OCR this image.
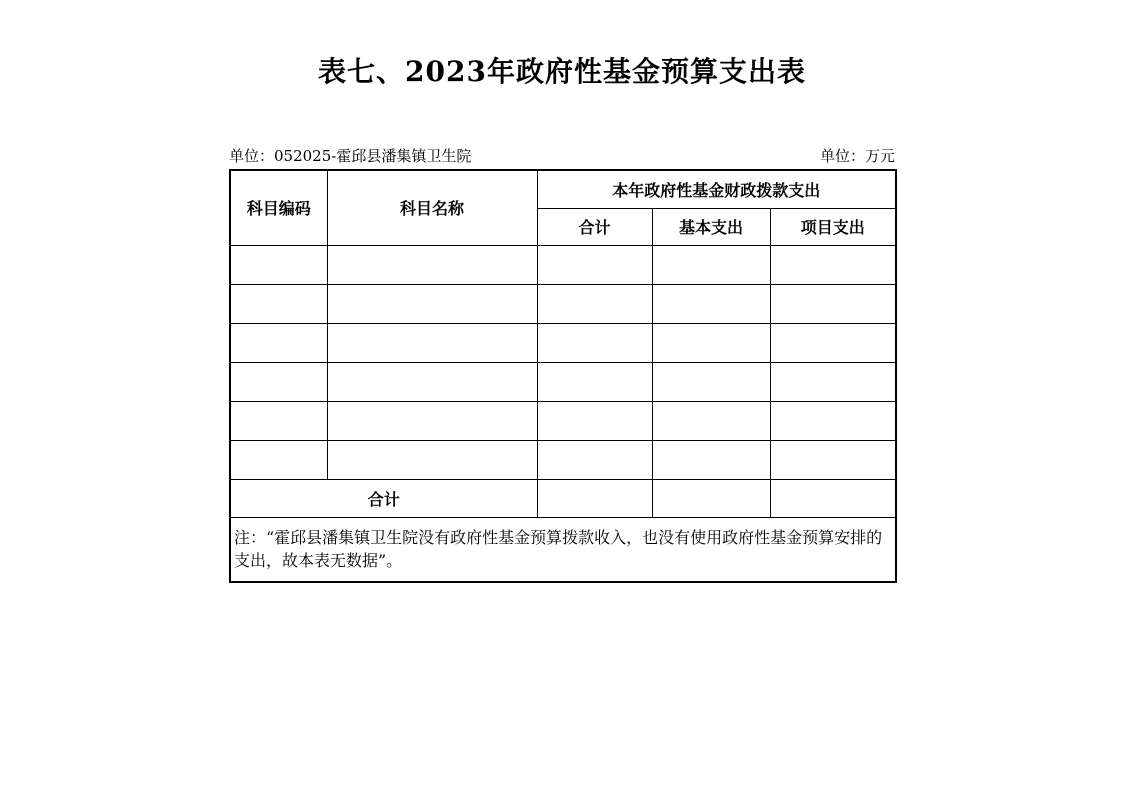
表七、2023年政府性基金预算支出表
单位：052025-霍邱县潘集镇卫生院	单位：万元
科目编码	科目名称	本年政府性基金财政拨款支出		
		合计	基本支出	项目支出

合计				
注：“霍邱县潘集镇卫生院没有政府性基金预算拨款收入，也没有使用政府性基金预算安排的支出，故本表无数据”。				
